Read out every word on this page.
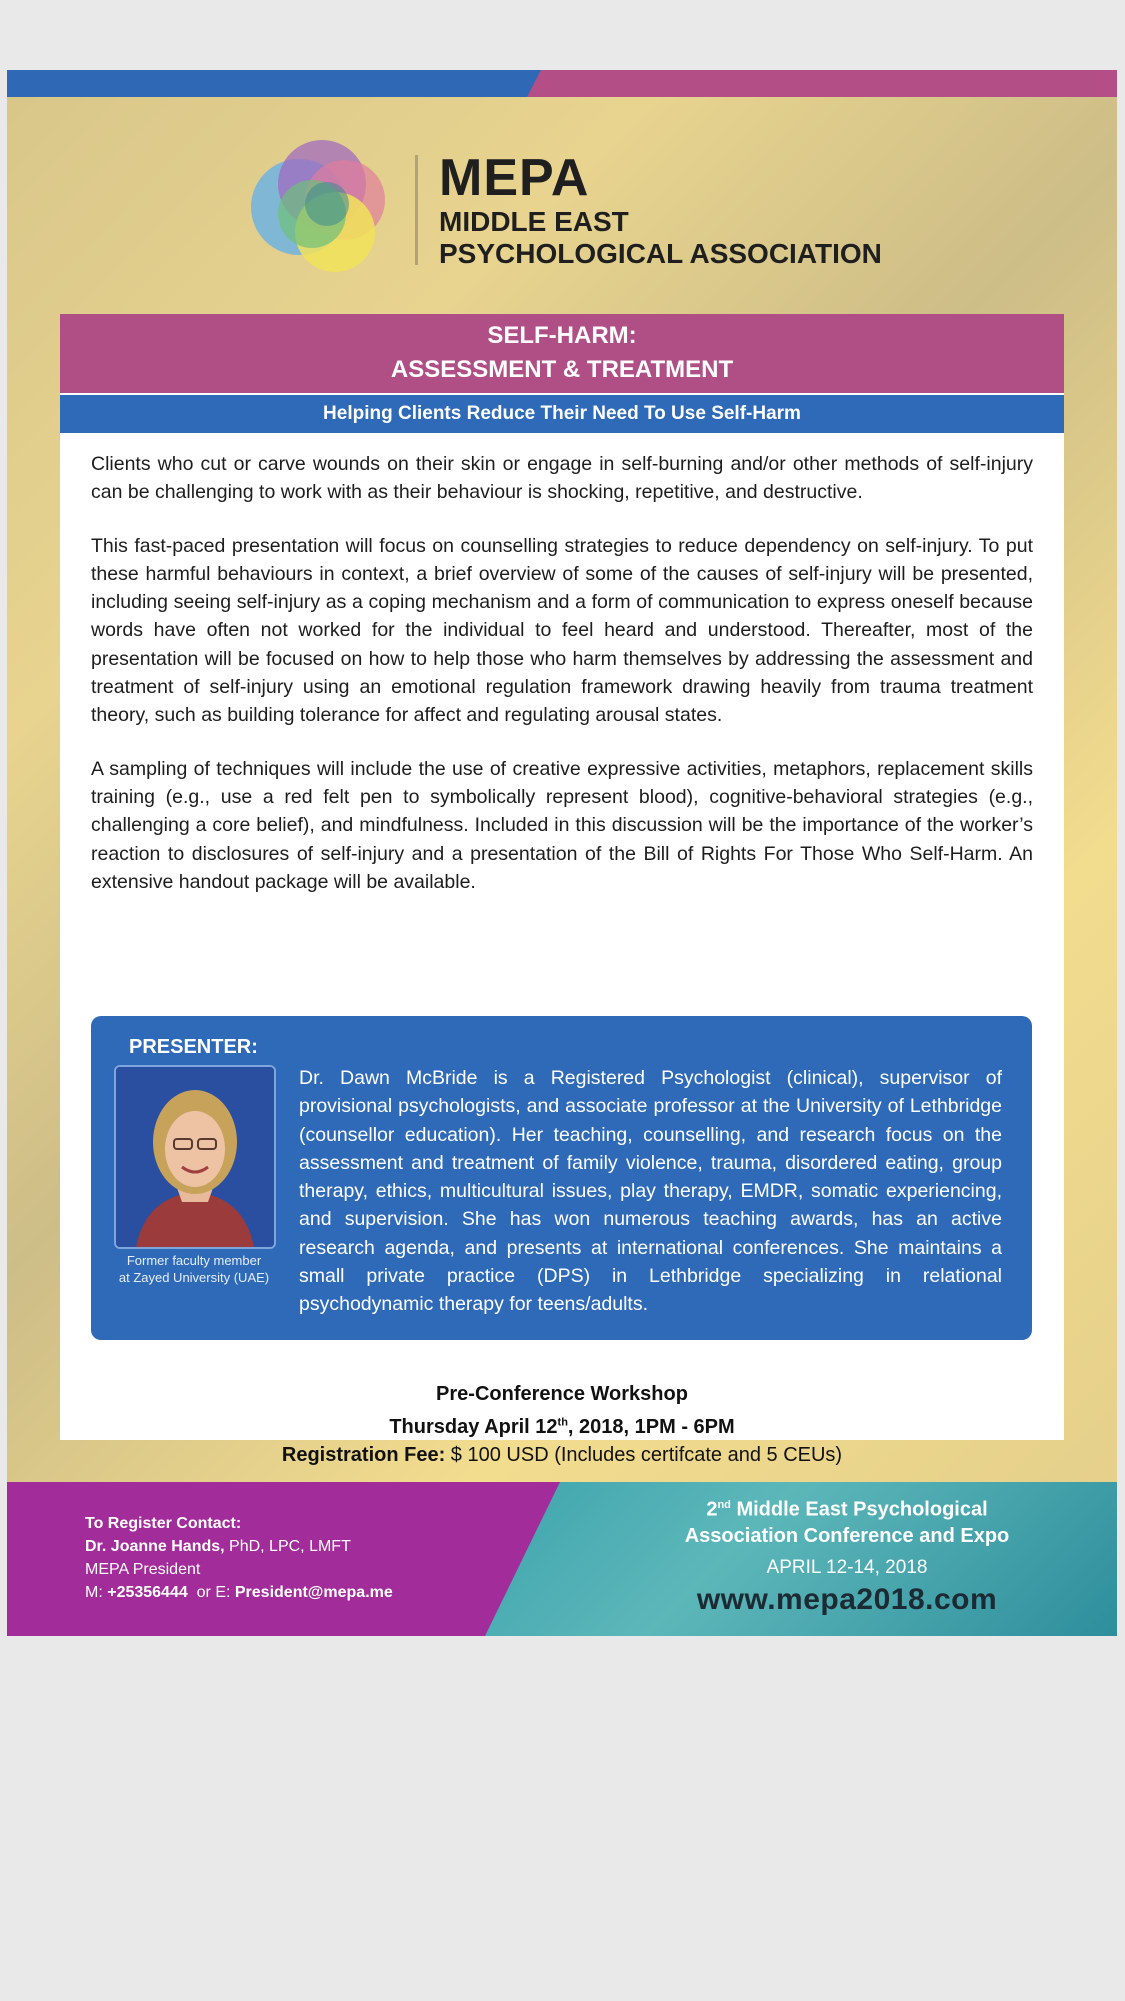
MEPA
MIDDLE EAST
PSYCHOLOGICAL ASSOCIATION
SELF-HARM:
ASSESSMENT & TREATMENT
Helping Clients Reduce Their Need To Use Self-Harm

Clients who cut or carve wounds on their skin or engage in self-burning and/or other methods of self-injury can be challenging to work with as their behaviour is shocking, repetitive, and destructive.

This fast-paced presentation will focus on counselling strategies to reduce dependency on self-injury. To put these harmful behaviours in context, a brief overview of some of the causes of self-injury will be presented, including seeing self-injury as a coping mechanism and a form of communication to express oneself because words have often not worked for the individual to feel heard and understood. Thereafter, most of the presentation will be focused on how to help those who harm themselves by addressing the assessment and treatment of self-injury using an emotional regulation framework drawing heavily from trauma treatment theory, such as building tolerance for affect and regulating arousal states.

A sampling of techniques will include the use of creative expressive activities, metaphors, replacement skills training (e.g., use a red felt pen to symbolically represent blood), cognitive-behavioral strategies (e.g., challenging a core belief), and mindfulness. Included in this discussion will be the importance of the worker’s reaction to disclosures of self-injury and a presentation of the Bill of Rights For Those Who Self-Harm. An extensive handout package will be available.

PRESENTER:
Former faculty member
at Zayed University (UAE)
Dr. Dawn McBride is a Registered Psychologist (clinical), supervisor of provisional psychologists, and associate professor at the University of Lethbridge (counsellor education). Her teaching, counselling, and research focus on the assessment and treatment of family violence, trauma, disordered eating, group therapy, ethics, multicultural issues, play therapy, EMDR, somatic experiencing, and supervision. She has won numerous teaching awards, has an active research agenda, and presents at international conferences. She maintains a small private practice (DPS) in Lethbridge specializing in relational psychodynamic therapy for teens/adults.
Pre-Conference Workshop
Thursday April 12th, 2018, 1PM - 6PM
Registration Fee: $ 100 USD (Includes certifcate and 5 CEUs)
To Register Contact:
Dr. Joanne Hands, PhD, LPC, LMFT
MEPA President
M: +25356444  or E: President@mepa.me
2nd Middle East Psychological
Association Conference and Expo
APRIL 12-14, 2018
www.mepa2018.com
